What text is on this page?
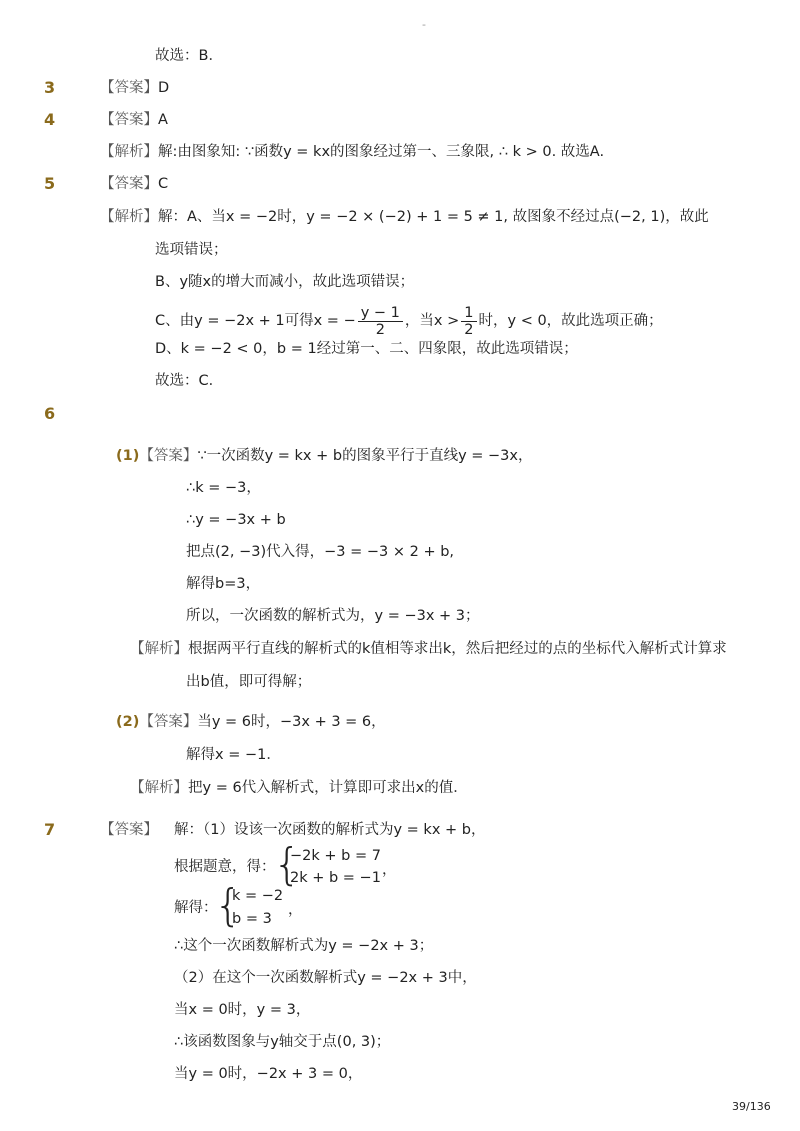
-
故选：B．
3	【答案】D
4	【答案】A
【解析】解:由图象知: ∵函数y = kx的图象经过第一、三象限, ∴ k > 0. 故选A.
5	【答案】C
【解析】解：A、当x = −2时，y = −2 × (−2) + 1 = 5 ≠ 1, 故图象不经过点(−2, 1)，故此
选项错误；
B、y随x的增大而减小，故此选项错误；
C、由y = −2x + 1可得x = − $\frac{y - 1}{2}$ ，当$x > \frac{1}{2}$ 时，y < 0，故此选项正确；
D、k = −2 < 0，b = 1经过第一、二、四象限，故此选项错误；
故选：C．
6
(1)【答案】∵一次函数y = kx + b的图象平行于直线y = −3x，
∴k = −3，
∴y = −3x + b
把点(2, −3)代入得，−3 = −3 × 2 + b,
解得b=3，
所以，一次函数的解析式为，y = −3x + 3；
【解析】根据两平行直线的解析式的k值相等求出k，然后把经过的点的坐标代入解析式计算求
出b值，即可得解；
(2)【答案】当y = 6时，−3x + 3 = 6，
解得x = −1．
【解析】把y = 6代入解析式，计算即可求出x的值．
7	【答案】 解：（1）设该一次函数的解析式为y = kx + b，
根据题意，得：
{
−2k + b = 7
2k + b = −1 ，
解得：
{
k = −2
b = 3
，
∴这个一次函数解析式为y = −2x + 3；
（2）在这个一次函数解析式y = −2x + 3中，
当x = 0时，y = 3，
∴该函数图象与y轴交于点(0, 3)；
当y = 0时，−2x + 3 = 0，
39/136
